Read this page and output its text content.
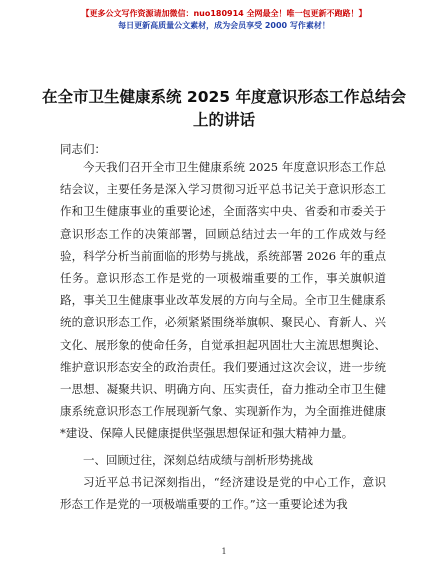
【更多公文写作资源请加微信：nuo180914 全网最全！唯一包更新不跑路！】
每日更新高质量公文素材，成为会员享受 2000 写作素材！
在全市卫生健康系统 2025 年度意识形态工作总结会上的讲话
同志们：

今天我们召开全市卫生健康系统 2025 年度意识形态工作总结会议，主要任务是深入学习贯彻习近平总书记关于意识形态工作和卫生健康事业的重要论述，全面落实中央、省委和市委关于意识形态工作的决策部署，回顾总结过去一年的工作成效与经验，科学分析当前面临的形势与挑战，系统部署 2026 年的重点任务。意识形态工作是党的一项极端重要的工作，事关旗帜道路，事关卫生健康事业改革发展的方向与全局。全市卫生健康系统的意识形态工作，必须紧紧围绕举旗帜、聚民心、育新人、兴文化、展形象的使命任务，自觉承担起巩固壮大主流思想舆论、维护意识形态安全的政治责任。我们要通过这次会议，进一步统一思想、凝聚共识、明确方向、压实责任，奋力推动全市卫生健康系统意识形态工作展现新气象、实现新作为，为全面推进健康*建设、保障人民健康提供坚强思想保证和强大精神力量。

一、回顾过往，深刻总结成绩与剖析形势挑战

习近平总书记深刻指出，“经济建设是党的中心工作，意识形态工作是党的一项极端重要的工作。”这一重要论述为我

1
